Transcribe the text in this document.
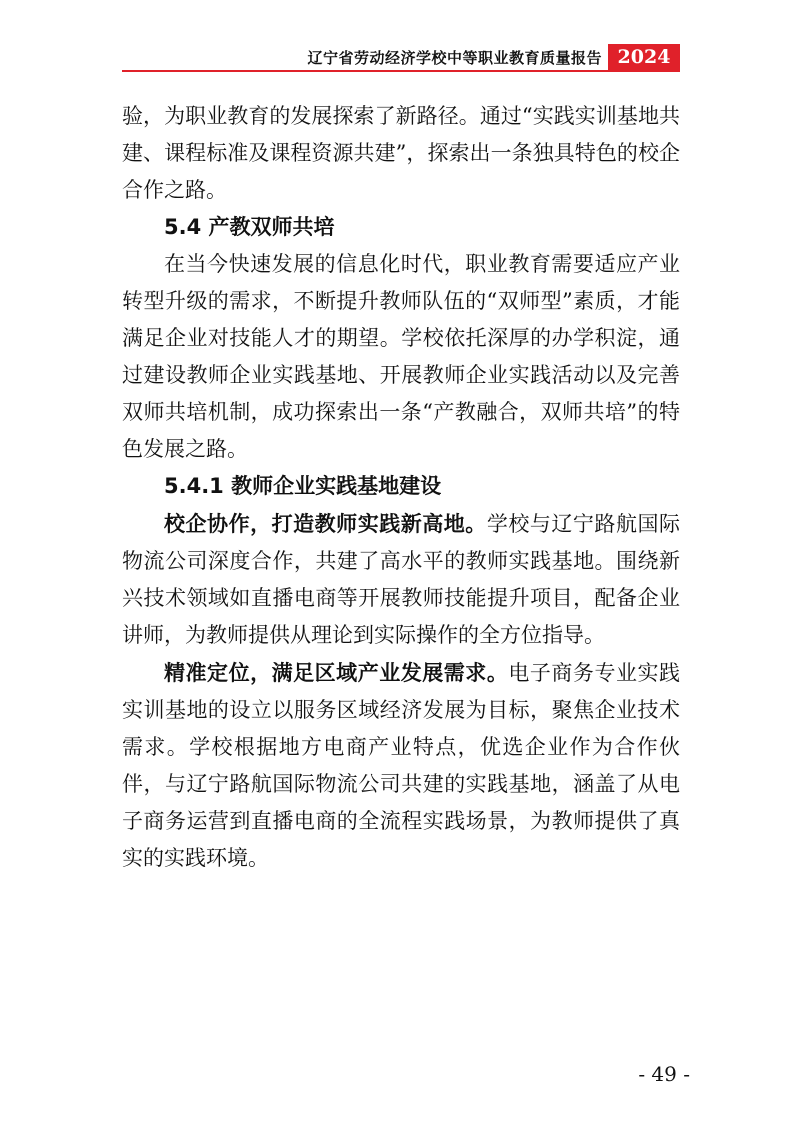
辽宁省劳动经济学校中等职业教育质量报告 2024

验，为职业教育的发展探索了新路径。通过“实践实训基地共建、课程标准及课程资源共建”，探索出一条独具特色的校企合作之路。

5.4 产教双师共培

在当今快速发展的信息化时代，职业教育需要适应产业转型升级的需求，不断提升教师队伍的“双师型”素质，才能满足企业对技能人才的期望。学校依托深厚的办学积淀，通过建设教师企业实践基地、开展教师企业实践活动以及完善双师共培机制，成功探索出一条“产教融合，双师共培”的特色发展之路。

5.4.1 教师企业实践基地建设

校企协作，打造教师实践新高地。学校与辽宁路航国际物流公司深度合作，共建了高水平的教师实践基地。围绕新兴技术领域如直播电商等开展教师技能提升项目，配备企业讲师，为教师提供从理论到实际操作的全方位指导。

精准定位，满足区域产业发展需求。电子商务专业实践实训基地的设立以服务区域经济发展为目标，聚焦企业技术需求。学校根据地方电商产业特点，优选企业作为合作伙伴，与辽宁路航国际物流公司共建的实践基地，涵盖了从电子商务运营到直播电商的全流程实践场景，为教师提供了真实的实践环境。

- 49 -
